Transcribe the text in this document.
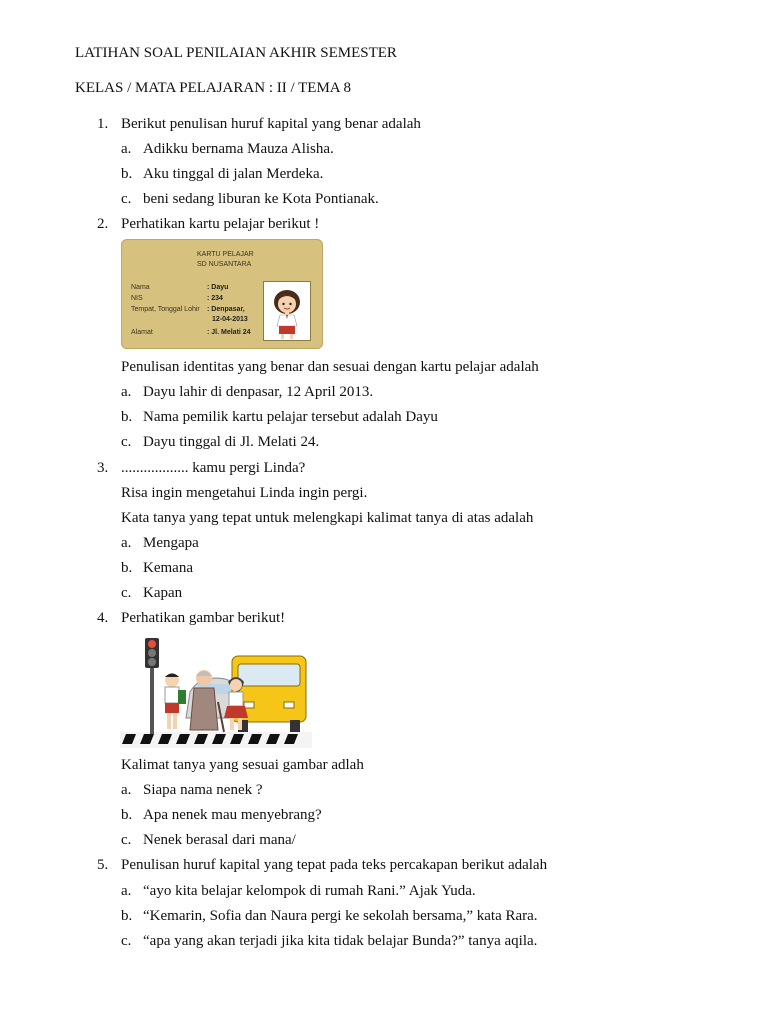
LATIHAN SOAL PENILAIAN AKHIR SEMESTER
KELAS / MATA PELAJARAN : II / TEMA 8
1. Berikut penulisan huruf kapital yang benar adalah
a. Adikku bernama Mauza Alisha.
b. Aku tinggal di jalan Merdeka.
c. beni sedang liburan ke Kota Pontianak.
2. Perhatikan kartu pelajar berikut !
KARTU PELAJAR
SD NUSANTARA
Nama	: Dayu
NIS	: 234
Tempat, Tonggal Lohir : Denpasar,
12-04-2013
Alamat	: Jl. Melati 24
Penulisan identitas yang benar dan sesuai dengan kartu pelajar adalah
a. Dayu lahir di denpasar, 12 April 2013.
b. Nama pemilik kartu pelajar tersebut adalah Dayu
c. Dayu tinggal di Jl. Melati 24.
3. .................. kamu pergi Linda?
Risa ingin mengetahui Linda ingin pergi.
Kata tanya yang tepat untuk melengkapi kalimat tanya di atas adalah
a. Mengapa
b. Kemana
c. Kapan
4. Perhatikan gambar berikut!
Kalimat tanya yang sesuai gambar adlah
a. Siapa nama nenek ?
b. Apa nenek mau menyebrang?
c. Nenek berasal dari mana/
5. Penulisan huruf kapital yang tepat pada teks percakapan berikut adalah
a. “ayo kita belajar kelompok di rumah Rani.” Ajak Yuda.
b. “Kemarin, Sofia dan Naura pergi ke sekolah bersama,” kata Rara.
c. “apa yang akan terjadi jika kita tidak belajar Bunda?” tanya aqila.
